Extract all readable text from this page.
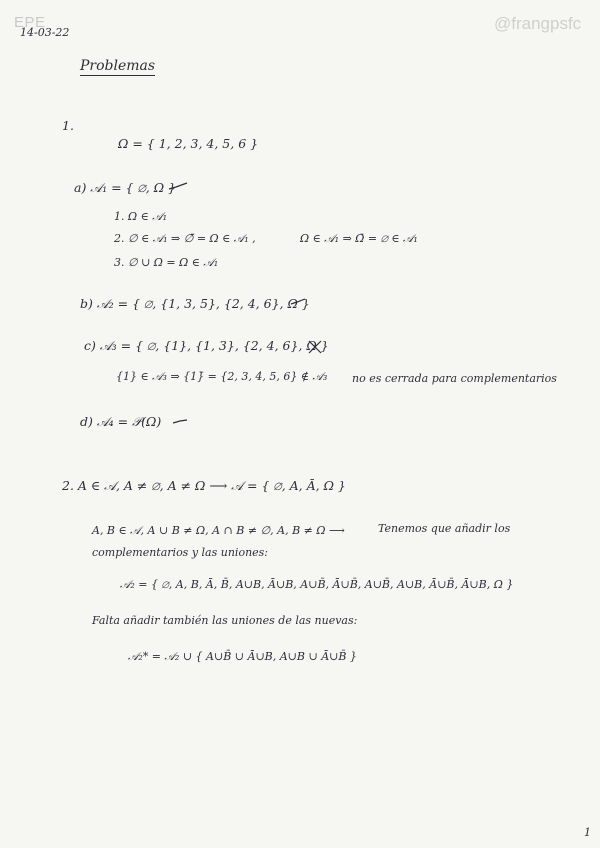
EPE	@frangpsfc
14-03-22
Problemas
1.
Ω = { 1, 2, 3, 4, 5, 6 }
a) 𝒜₁ = { ∅, Ω }
1. Ω ∈ 𝒜₁
2. ∅ ∈ 𝒜₁ ⇒ ∅̄ = Ω ∈ 𝒜₁ ,	Ω ∈ 𝒜₁ ⇒ Ω̄ = ∅ ∈ 𝒜₁
3. ∅ ∪ Ω = Ω ∈ 𝒜₁
b) 𝒜₂ = { ∅, {1, 3, 5}, {2, 4, 6}, Ω }
c) 𝒜₃ = { ∅, {1}, {1, 3}, {2, 4, 6}, Ω }
{1} ∈ 𝒜₃ ⇒ {1}̄ = {2, 3, 4, 5, 6} ∉ 𝒜₃ no es cerrada para complementarios
d) 𝒜₄ = 𝒫(Ω)
2. A ∈ 𝒜, A ≠ ∅, A ≠ Ω ⟶ 𝒜 = { ∅, A, Ā, Ω }
A, B ∈ 𝒜, A ∪ B ≠ Ω, A ∩ B ≠ ∅, A, B ≠ Ω ⟶	Tenemos que añadir los
complementarios y las uniones:
𝒜₂ = { ∅, A, B, Ā, B̄, A∪B, Ā∪B, A∪B̄, Ā∪B̄, A∪B̄, A∪B, Ā∪B̄, Ā∪B, Ω }
Falta añadir también las uniones de las nuevas:
𝒜₂* = 𝒜₂ ∪ { A∪B̄ ∪ Ā∪B, A∪B ∪ Ā∪B̄ }
1
